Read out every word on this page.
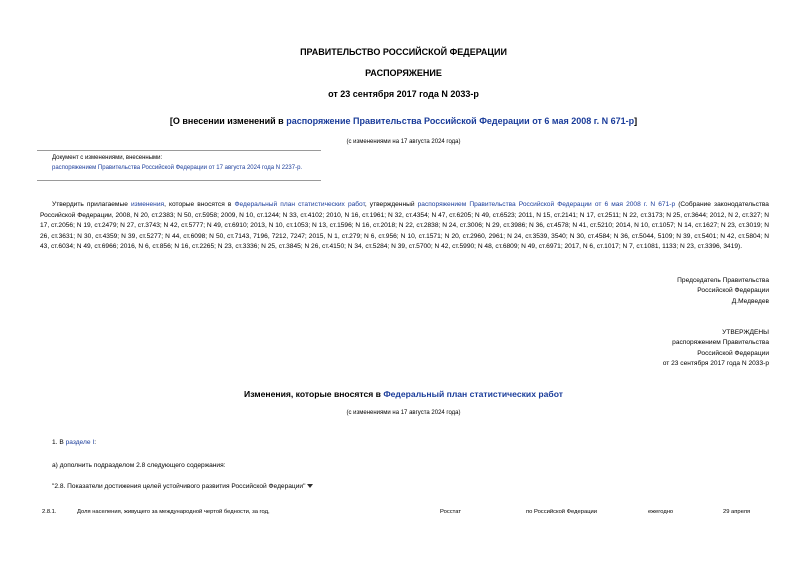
ПРАВИТЕЛЬСТВО РОССИЙСКОЙ ФЕДЕРАЦИИ
РАСПОРЯЖЕНИЕ
от 23 сентября 2017 года N 2033-р
[О внесении изменений в распоряжение Правительства Российской Федерации от 6 мая 2008 г. N 671-р]
(с изменениями на 17 августа 2024 года)
Документ с изменениями, внесенными:
распоряжением Правительства Российской Федерации от 17 августа 2024 года N 2237-р.
Утвердить прилагаемые изменения, которые вносятся в Федеральный план статистических работ, утвержденный распоряжением Правительства Российской Федерации от 6 мая 2008 г. N 671-р (Собрание законодательства Российской Федерации, 2008, N 20, ст.2383; N 50, ст.5958; 2009, N 10, ст.1244; N 33, ст.4102; 2010, N 16, ст.1961; N 32, ст.4354; N 47, ст.6205; N 49, ст.6523; 2011, N 15, ст.2141; N 17, ст.2511; N 22, ст.3173; N 25, ст.3644; 2012, N 2, ст.327; N 17, ст.2056; N 19, ст.2479; N 27, ст.3743; N 42, ст.5777; N 49, ст.6910; 2013, N 10, ст.1053; N 13, ст.1596; N 16, ст.2018; N 22, ст.2838; N 24, ст.3006; N 29, ст.3986; N 36, ст.4578; N 41, ст.5210; 2014, N 10, ст.1057; N 14, ст.1627; N 23, ст.3019; N 26, ст.3631; N 30, ст.4359; N 39, ст.5277; N 44, ст.6098; N 50, ст.7143, 7196, 7212, 7247; 2015, N 1, ст.279; N 6, ст.956; N 10, ст.1571; N 20, ст.2960, 2961; N 24, ст.3539, 3540; N 30, ст.4584; N 36, ст.5044, 5109; N 39, ст.5401; N 42, ст.5804; N 43, ст.6034; N 49, ст.6966; 2016, N 6, ст.856; N 16, ст.2265; N 23, ст.3336; N 25, ст.3845; N 26, ст.4150; N 34, ст.5284; N 39, ст.5700; N 42, ст.5990; N 48, ст.6809; N 49, ст.6971; 2017, N 6, ст.1017; N 7, ст.1081, 1133; N 23, ст.3396, 3419).
Председатель Правительства
Российской Федерации
Д.Медведев
УТВЕРЖДЕНЫ
распоряжением Правительства
Российской Федерации
от 23 сентября 2017 года N 2033-р
Изменения, которые вносятся в Федеральный план статистических работ
(с изменениями на 17 августа 2024 года)
1. В разделе I:
а) дополнить подразделом 2.8 следующего содержания:
"2.8. Показатели достижения целей устойчивого развития Российской Федерации"
2.8.1.	Доля населения, живущего за международной чертой бедности, за год,	Росстат	по Российской Федерации	ежегодно	29 апреля
